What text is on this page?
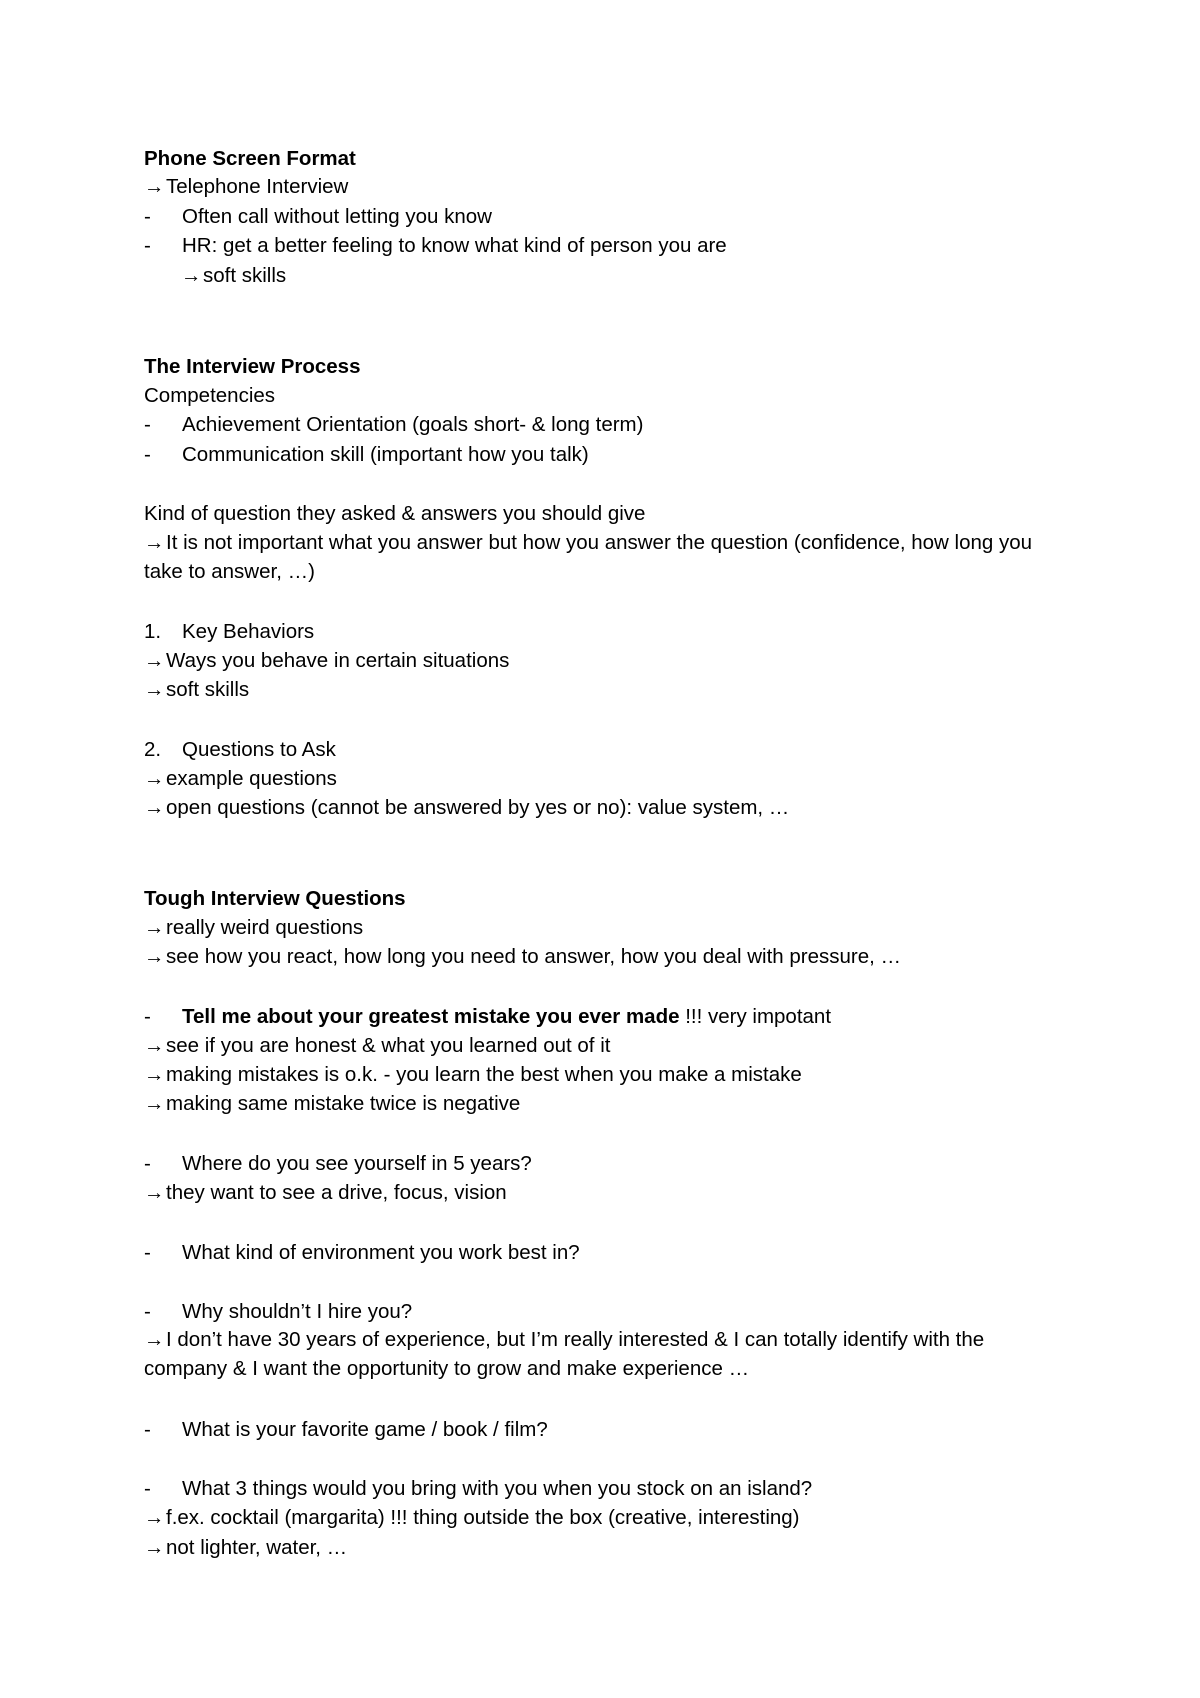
Phone Screen Format
→Telephone Interview
- Often call without letting you know
- HR: get a better feeling to know what kind of person you are
→soft skills
The Interview Process
Competencies
- Achievement Orientation (goals short- & long term)
- Communication skill (important how you talk)
Kind of question they asked & answers you should give
→It is not important what you answer but how you answer the question (confidence, how long you take to answer, …)
1. Key Behaviors
→Ways you behave in certain situations
→soft skills
2. Questions to Ask
→example questions
→open questions (cannot be answered by yes or no): value system, …
Tough Interview Questions
→really weird questions
→see how you react, how long you need to answer, how you deal with pressure, …
- Tell me about your greatest mistake you ever made !!! very impotant
→see if you are honest & what you learned out of it
→making mistakes is o.k. - you learn the best when you make a mistake
→making same mistake twice is negative
- Where do you see yourself in 5 years?
→they want to see a drive, focus, vision
- What kind of environment you work best in?
- Why shouldn’t I hire you?
→I don’t have 30 years of experience, but I’m really interested & I can totally identify with the company & I want the opportunity to grow and make experience …
- What is your favorite game / book / film?
- What 3 things would you bring with you when you stock on an island?
→f.ex. cocktail (margarita) !!! thing outside the box (creative, interesting)
→not lighter, water, …
